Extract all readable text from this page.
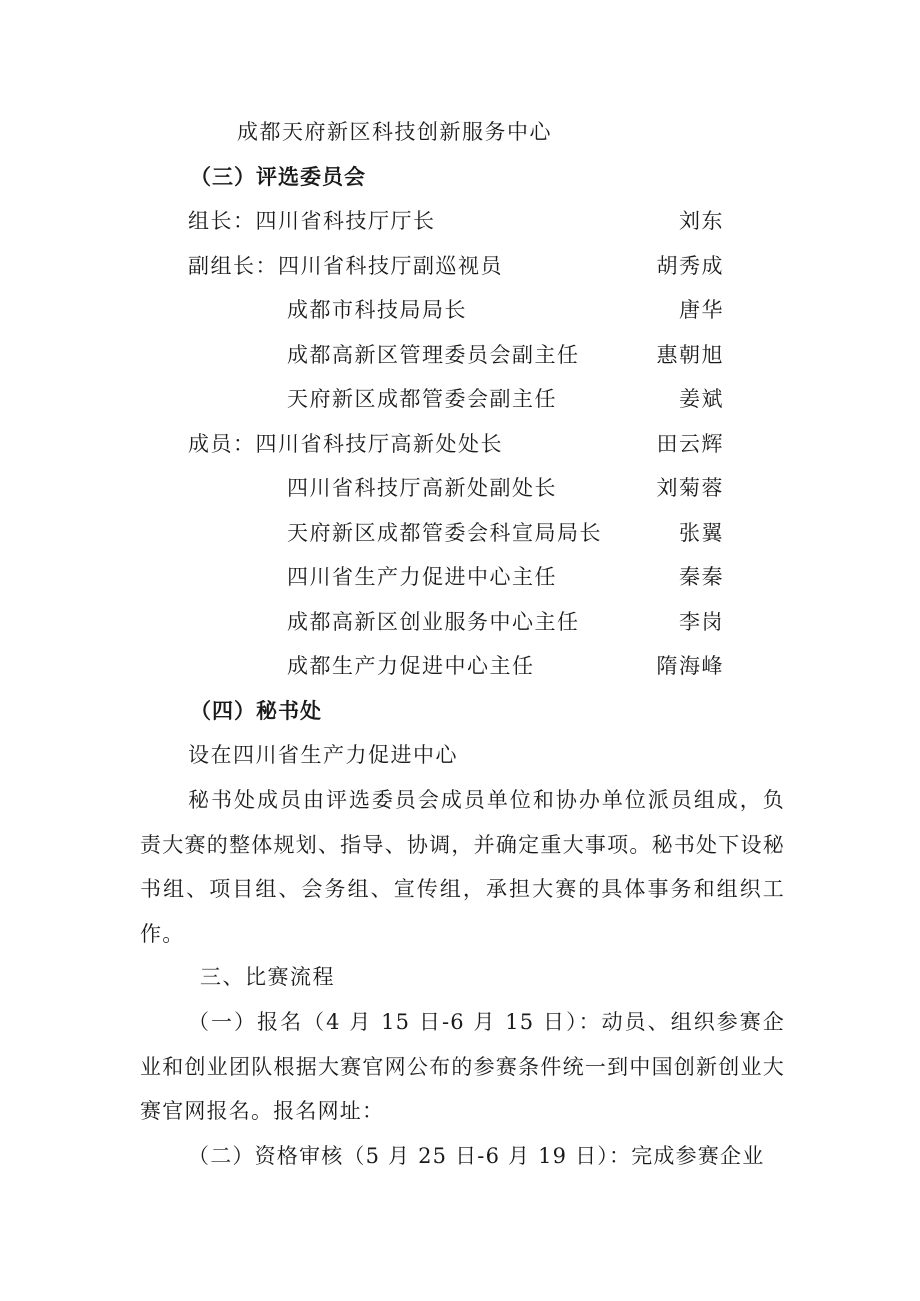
成都天府新区科技创新服务中心
（三）评选委员会
组长：四川省科技厅厅长	刘东
副组长：四川省科技厅副巡视员	胡秀成
成都市科技局局长	唐华
成都高新区管理委员会副主任	惠朝旭
天府新区成都管委会副主任	姜斌
成员：四川省科技厅高新处处长	田云辉
四川省科技厅高新处副处长	刘菊蓉
天府新区成都管委会科宣局局长	张翼
四川省生产力促进中心主任	秦秦
成都高新区创业服务中心主任	李岗
成都生产力促进中心主任	隋海峰
（四）秘书处
设在四川省生产力促进中心
秘书处成员由评选委员会成员单位和协办单位派员组成，负责大赛的整体规划、指导、协调，并确定重大事项。秘书处下设秘书组、项目组、会务组、宣传组，承担大赛的具体事务和组织工作。
三、比赛流程
（一）报名（4 月 15 日-6 月 15 日）：动员、组织参赛企业和创业团队根据大赛官网公布的参赛条件统一到中国创新创业大赛官网报名。报名网址：
（二）资格审核（5 月 25 日-6 月 19 日）：完成参赛企业
